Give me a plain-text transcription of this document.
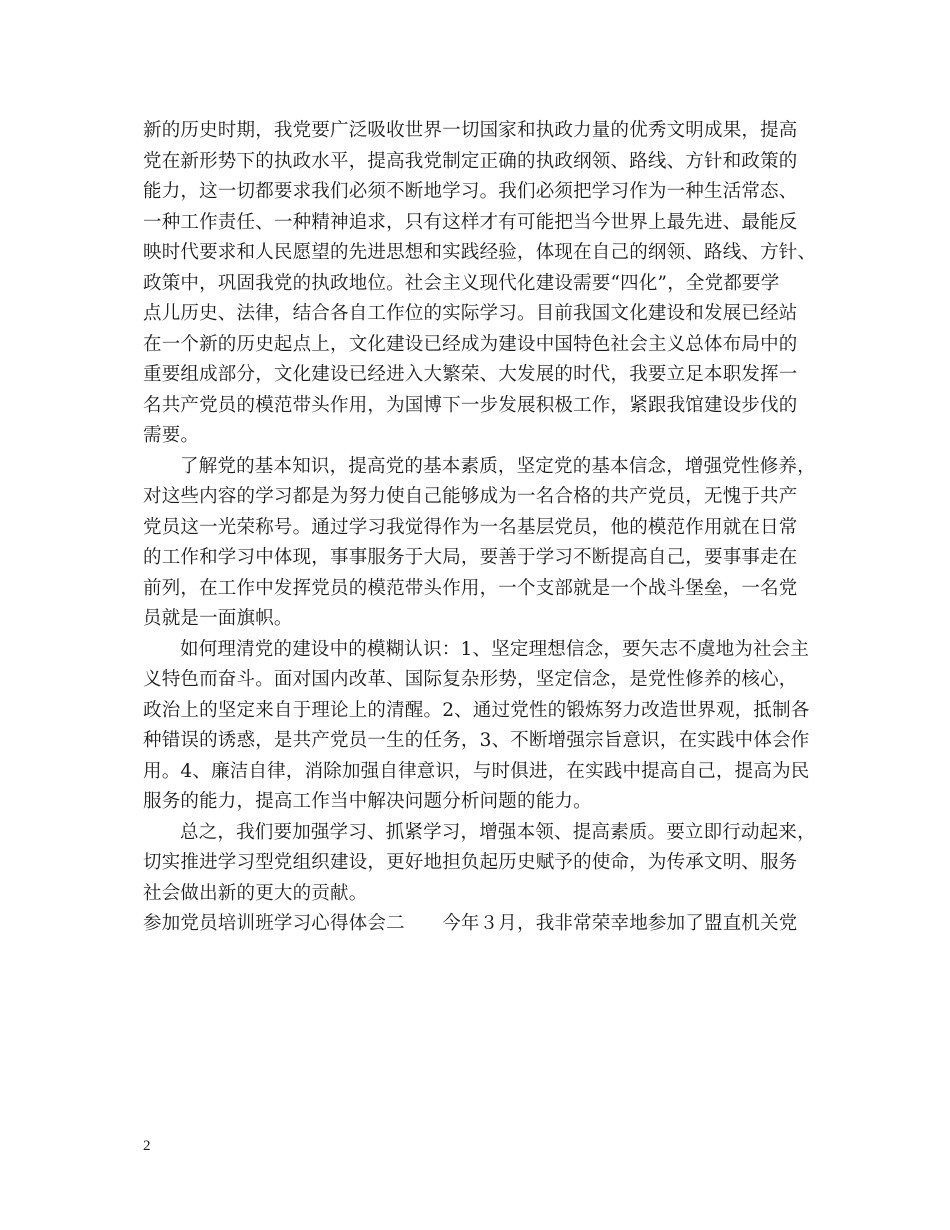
新的历史时期，我党要广泛吸收世界一切国家和执政力量的优秀文明成果，提高
党在新形势下的执政水平，提高我党制定正确的执政纲领、路线、方针和政策的
能力，这一切都要求我们必须不断地学习。我们必须把学习作为一种生活常态、
一种工作责任、一种精神追求，只有这样才有可能把当今世界上最先进、最能反
映时代要求和人民愿望的先进思想和实践经验，体现在自己的纲领、路线、方针、
政策中，巩固我党的执政地位。社会主义现代化建设需要“四化”，全党都要学
点儿历史、法律，结合各自工作位的实际学习。目前我国文化建设和发展已经站
在一个新的历史起点上，文化建设已经成为建设中国特色社会主义总体布局中的
重要组成部分，文化建设已经进入大繁荣、大发展的时代，我要立足本职发挥一
名共产党员的模范带头作用，为国博下一步发展积极工作，紧跟我馆建设步伐的
需要。
了解党的基本知识，提高党的基本素质，坚定党的基本信念，增强党性修养，
对这些内容的学习都是为努力使自己能够成为一名合格的共产党员，无愧于共产
党员这一光荣称号。通过学习我觉得作为一名基层党员，他的模范作用就在日常
的工作和学习中体现，事事服务于大局，要善于学习不断提高自己，要事事走在
前列，在工作中发挥党员的模范带头作用，一个支部就是一个战斗堡垒，一名党
员就是一面旗帜。
如何理清党的建设中的模糊认识：1、坚定理想信念，要矢志不虞地为社会主
义特色而奋斗。面对国内改革、国际复杂形势，坚定信念，是党性修养的核心，
政治上的坚定来自于理论上的清醒。2、通过党性的锻炼努力改造世界观，抵制各
种错误的诱惑，是共产党员一生的任务，3、不断增强宗旨意识，在实践中体会作
用。4、廉洁自律，消除加强自律意识，与时俱进，在实践中提高自己，提高为民
服务的能力，提高工作当中解决问题分析问题的能力。
总之，我们要加强学习、抓紧学习，增强本领、提高素质。要立即行动起来，
切实推进学习型党组织建设，更好地担负起历史赋予的使命，为传承文明、服务
社会做出新的更大的贡献。
参加党员培训班学习心得体会二　　今年３月，我非常荣幸地参加了盟直机关党
2
